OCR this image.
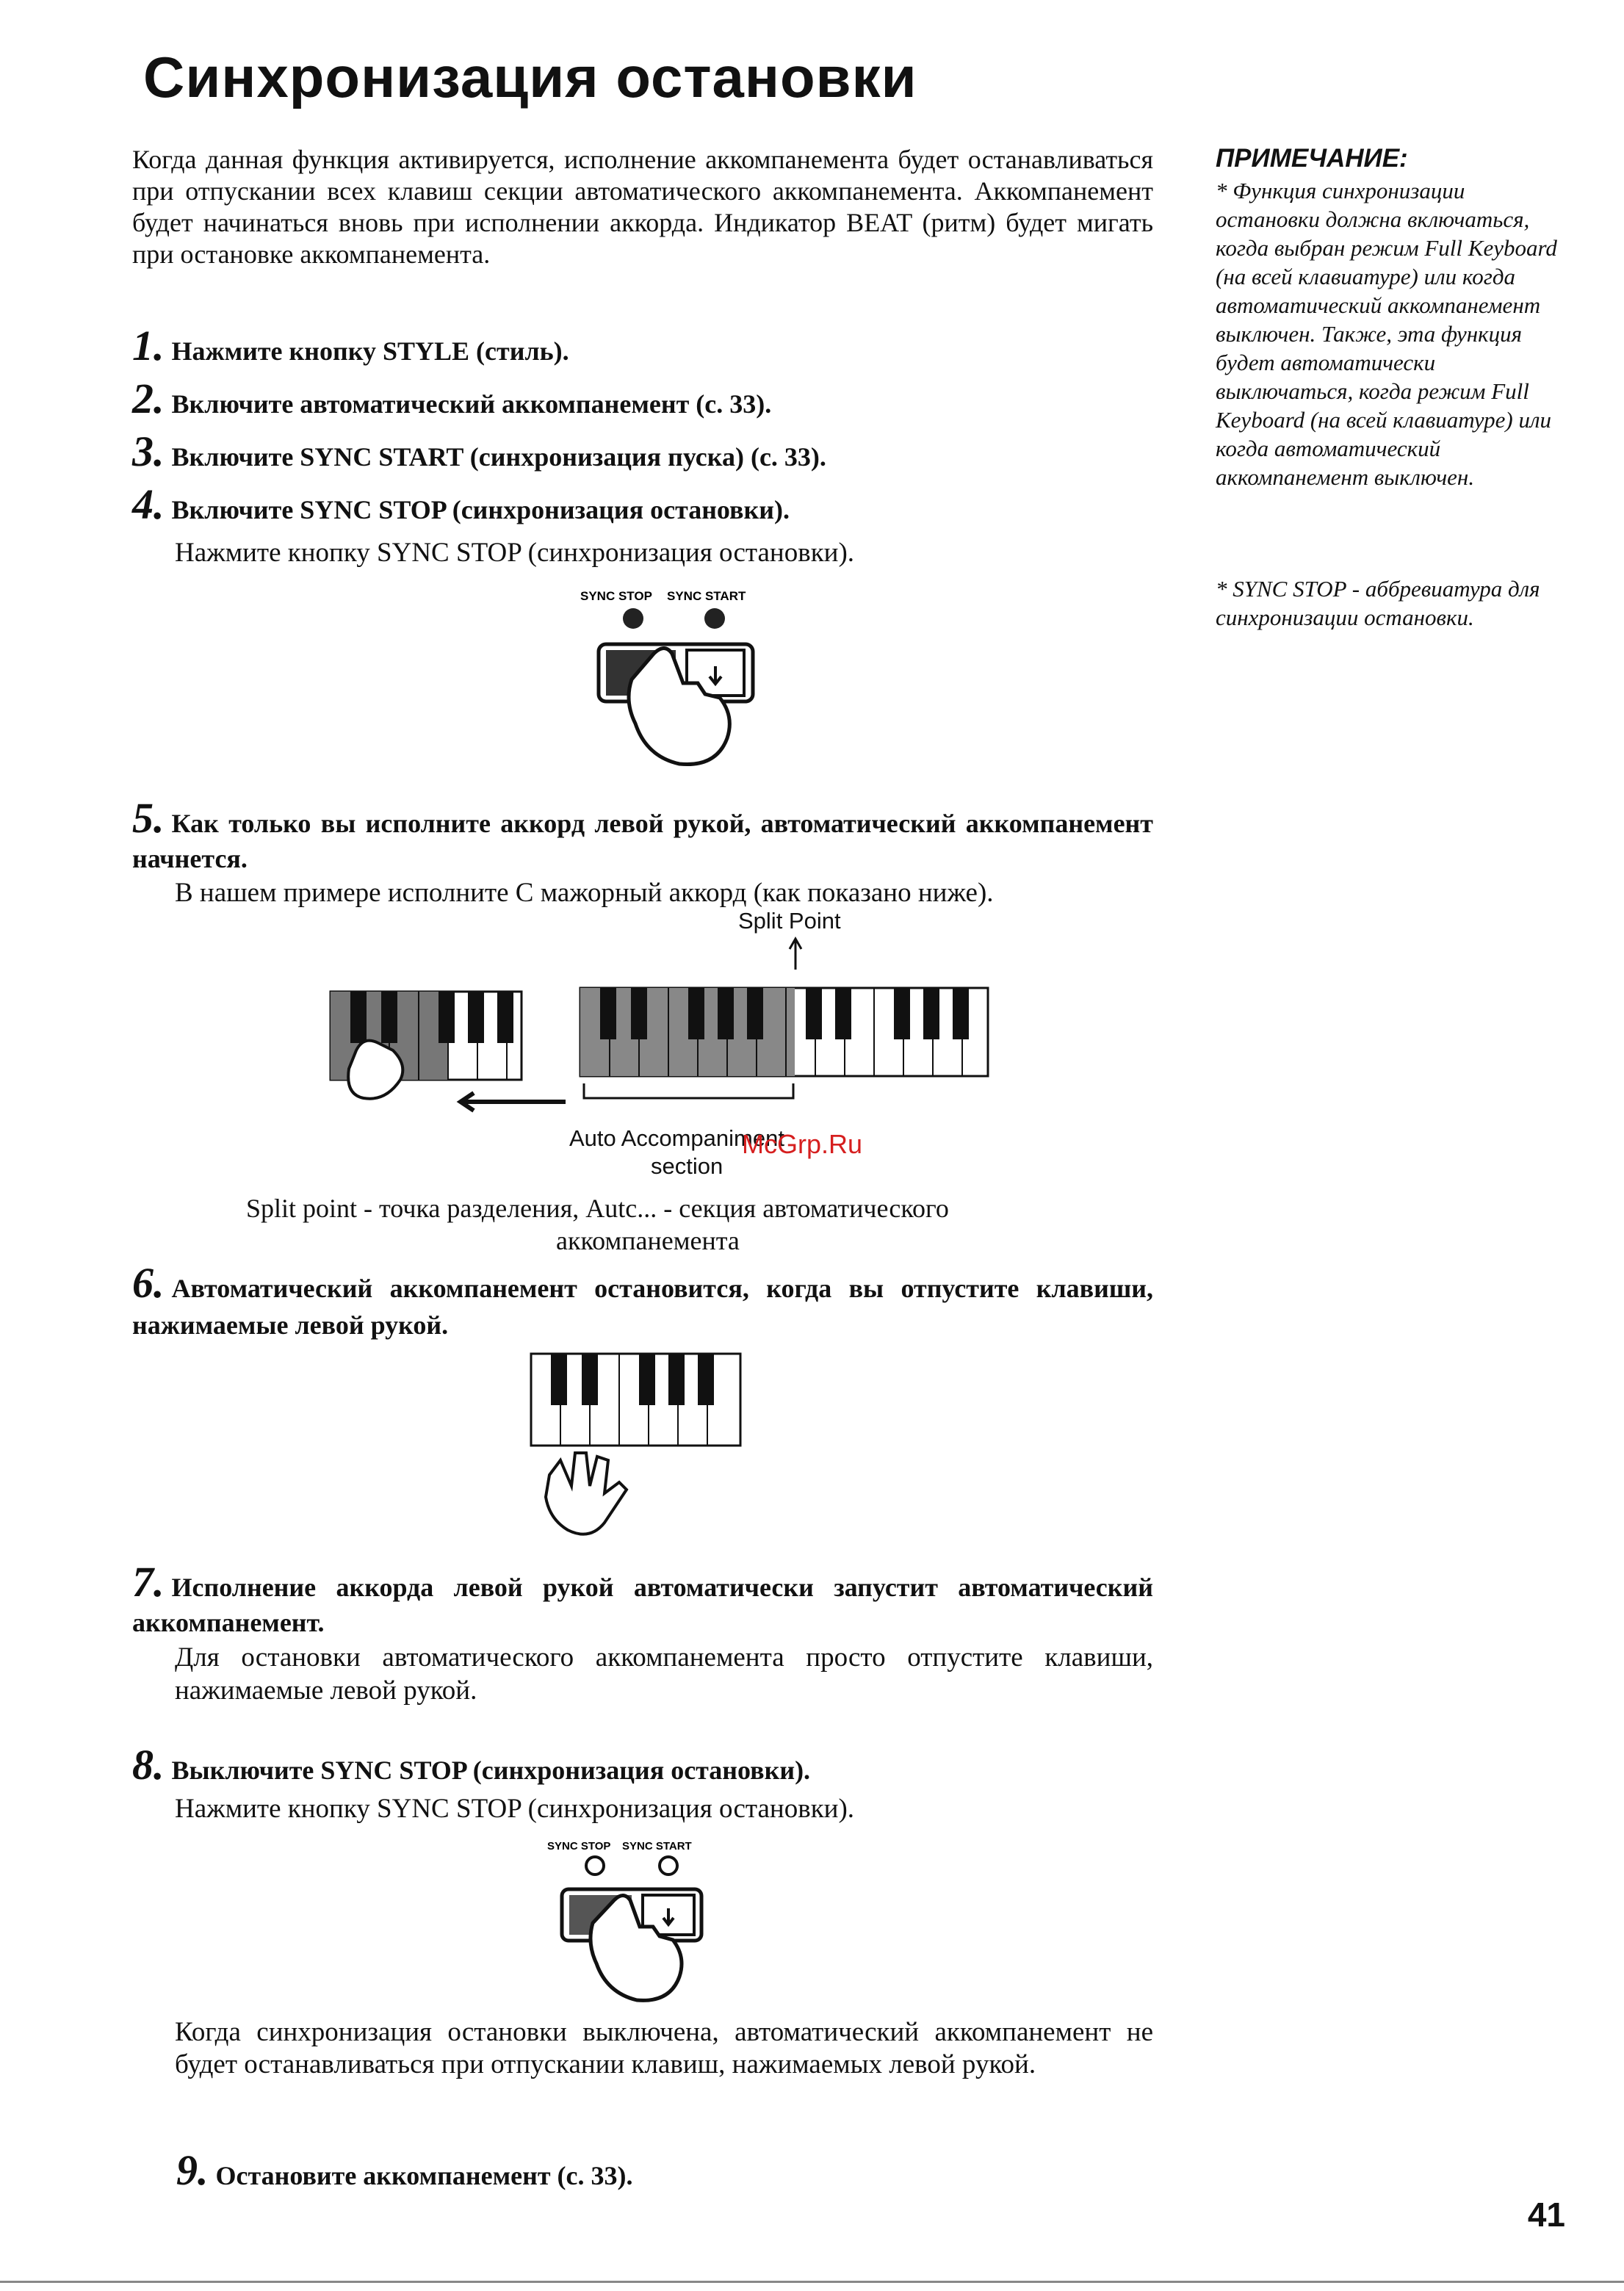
Синхронизация остановки
Когда данная функция активируется, исполнение аккомпанемента будет останавливаться при отпускании всех клавиш секции автоматического аккомпанемента. Аккомпанемент будет начинаться вновь при исполнении аккорда. Индикатор BEAT (ритм) будет мигать при остановке аккомпанемента.
ПРИМЕЧАНИЕ:
* Функция синхронизации остановки должна включаться, когда выбран режим Full Keyboard (на всей клавиатуре) или когда автоматический аккомпанемент выключен. Также, эта функция будет автоматически выключаться, когда режим Full Keyboard (на всей клавиатуре) или когда автоматический аккомпанемент выключен.
* SYNC STOP - аббревиатура для синхронизации остановки.
1. Нажмите кнопку STYLE (стиль).
2. Включите автоматический аккомпанемент (с. 33).
3. Включите SYNC START (синхронизация пуска) (с. 33).
4. Включите SYNC STOP (синхронизация остановки).
Нажмите кнопку SYNC STOP (синхронизация остановки).
SYNC STOP SYNC START
5. Как только вы исполните аккорд левой рукой, автоматический аккомпанемент начнется.
В нашем примере исполните С мажорный аккорд (как показано ниже).
Split Point
Auto Accompaniment
section
McGrp.Ru
Split point - точка разделения, Autc... - секция автоматического
аккомпанемента
6. Автоматический аккомпанемент остановится, когда вы отпустите клавиши, нажимаемые левой рукой.
7. Исполнение аккорда левой рукой автоматически запустит автоматический аккомпанемент.
Для остановки автоматического аккомпанемента просто отпустите клавиши, нажимаемые левой рукой.
8. Выключите SYNC STOP (синхронизация остановки).
Нажмите кнопку SYNC STOP (синхронизация остановки).
SYNC STOP SYNC START
Когда синхронизация остановки выключена, автоматический аккомпанемент не будет останавливаться при отпускании клавиш, нажимаемых левой рукой.
9. Остановите аккомпанемент (с. 33).
41
